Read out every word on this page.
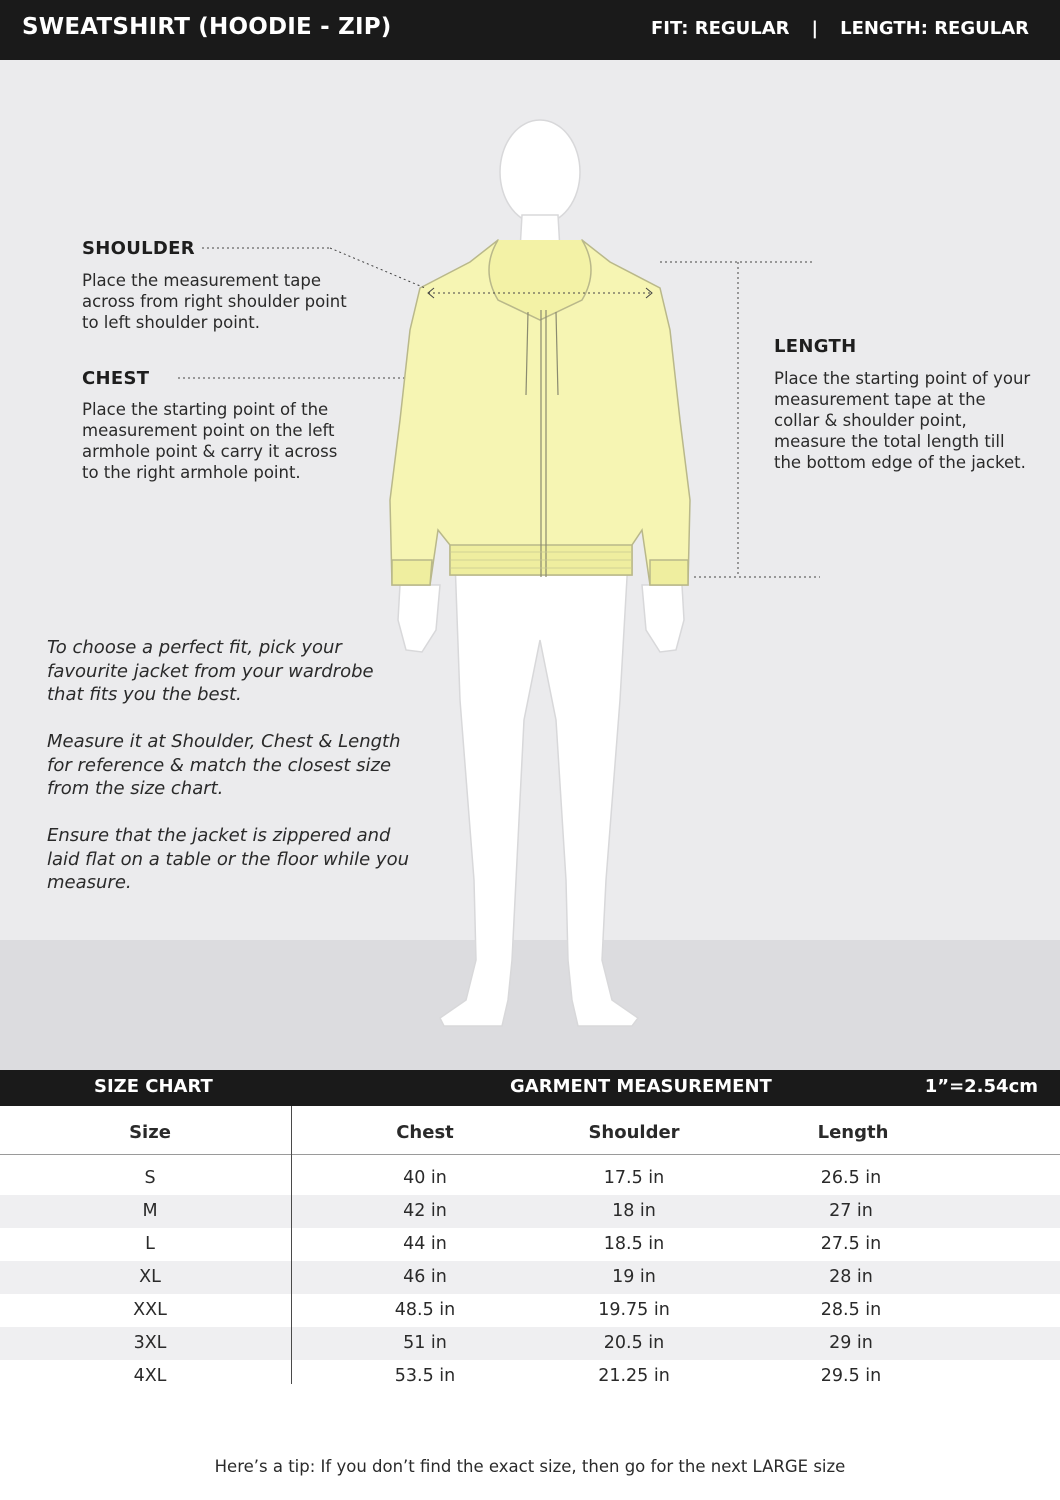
SWEATSHIRT (HOODIE - ZIP)	FIT: REGULAR | LENGTH: REGULAR
SHOULDER
Place the measurement tape
across from right shoulder point
to left shoulder point.
CHEST
Place the starting point of the
measurement point on the left
armhole point & carry it across
to the right armhole point.
LENGTH
Place the starting point of your
measurement tape at the
collar & shoulder point,
measure the total length till
the bottom edge of the jacket.
To choose a perfect fit, pick your
favourite jacket from your wardrobe
that fits you the best.
Measure it at Shoulder, Chest & Length
for reference & match the closest size
from the size chart.
Ensure that the jacket is zippered and
laid flat on a table or the floor while you
measure.
SIZE CHART	GARMENT MEASUREMENT	1”=2.54cm
Size	Chest	Shoulder	Length
S	40 in	17.5 in	26.5 in
M	42 in	18 in	27 in
L	44 in	18.5 in	27.5 in
XL	46 in	19 in	28 in
XXL	48.5 in	19.75 in	28.5 in
3XL	51 in	20.5 in	29 in
4XL	53.5 in	21.25 in	29.5 in
Here’s a tip: If you don’t find the exact size, then go for the next LARGE size
